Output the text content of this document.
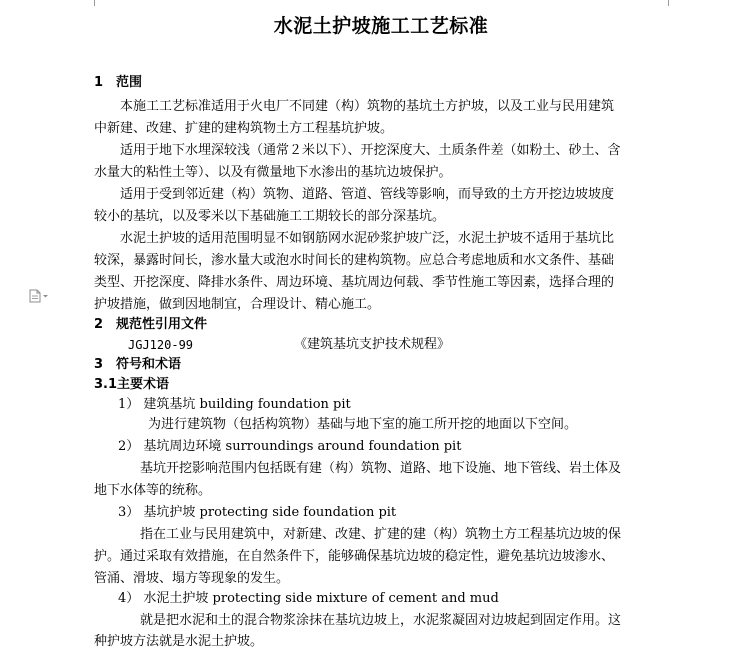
水泥土护坡施工工艺标准
1 范围
本施工工艺标准适用于火电厂不同建（构）筑物的基坑土方护坡，以及工业与民用建筑
中新建、改建、扩建的建构筑物土方工程基坑护坡。
适用于地下水埋深较浅（通常２米以下）、开挖深度大、土质条件差（如粉土、砂土、含
水量大的粘性土等）、以及有微量地下水渗出的基坑边坡保护。
适用于受到邻近建（构）筑物、道路、管道、管线等影响，而导致的土方开挖边坡坡度
较小的基坑，以及零米以下基础施工工期较长的部分深基坑。
水泥土护坡的适用范围明显不如钢筋网水泥砂浆护坡广泛，水泥土护坡不适用于基坑比
较深，暴露时间长，渗水量大或泡水时间长的建构筑物。应总合考虑地质和水文条件、基础
类型、开挖深度、降排水条件、周边环境、基坑周边何载、季节性施工等因素，选择合理的
护坡措施，做到因地制宜，合理设计、精心施工。
2 规范性引用文件
JGJ120-99	《建筑基坑支护技术规程》
3 符号和术语
3.1主要术语
1） 建筑基坑 building foundation pit
为进行建筑物（包括构筑物）基础与地下室的施工所开挖的地面以下空间。
2） 基坑周边环境 surroundings around foundation pit
基坑开挖影响范围内包括既有建（构）筑物、道路、地下设施、地下管线、岩土体及
地下水体等的统称。
3） 基坑护坡 protecting side foundation pit
指在工业与民用建筑中，对新建、改建、扩建的建（构）筑物土方工程基坑边坡的保
护。通过采取有效措施，在自然条件下，能够确保基坑边坡的稳定性，避免基坑边坡渗水、
管涌、滑坡、塌方等现象的发生。
4） 水泥土护坡 protecting side mixture of cement and mud
就是把水泥和土的混合物浆涂抹在基坑边坡上，水泥浆凝固对边坡起到固定作用。这
种护坡方法就是水泥土护坡。
